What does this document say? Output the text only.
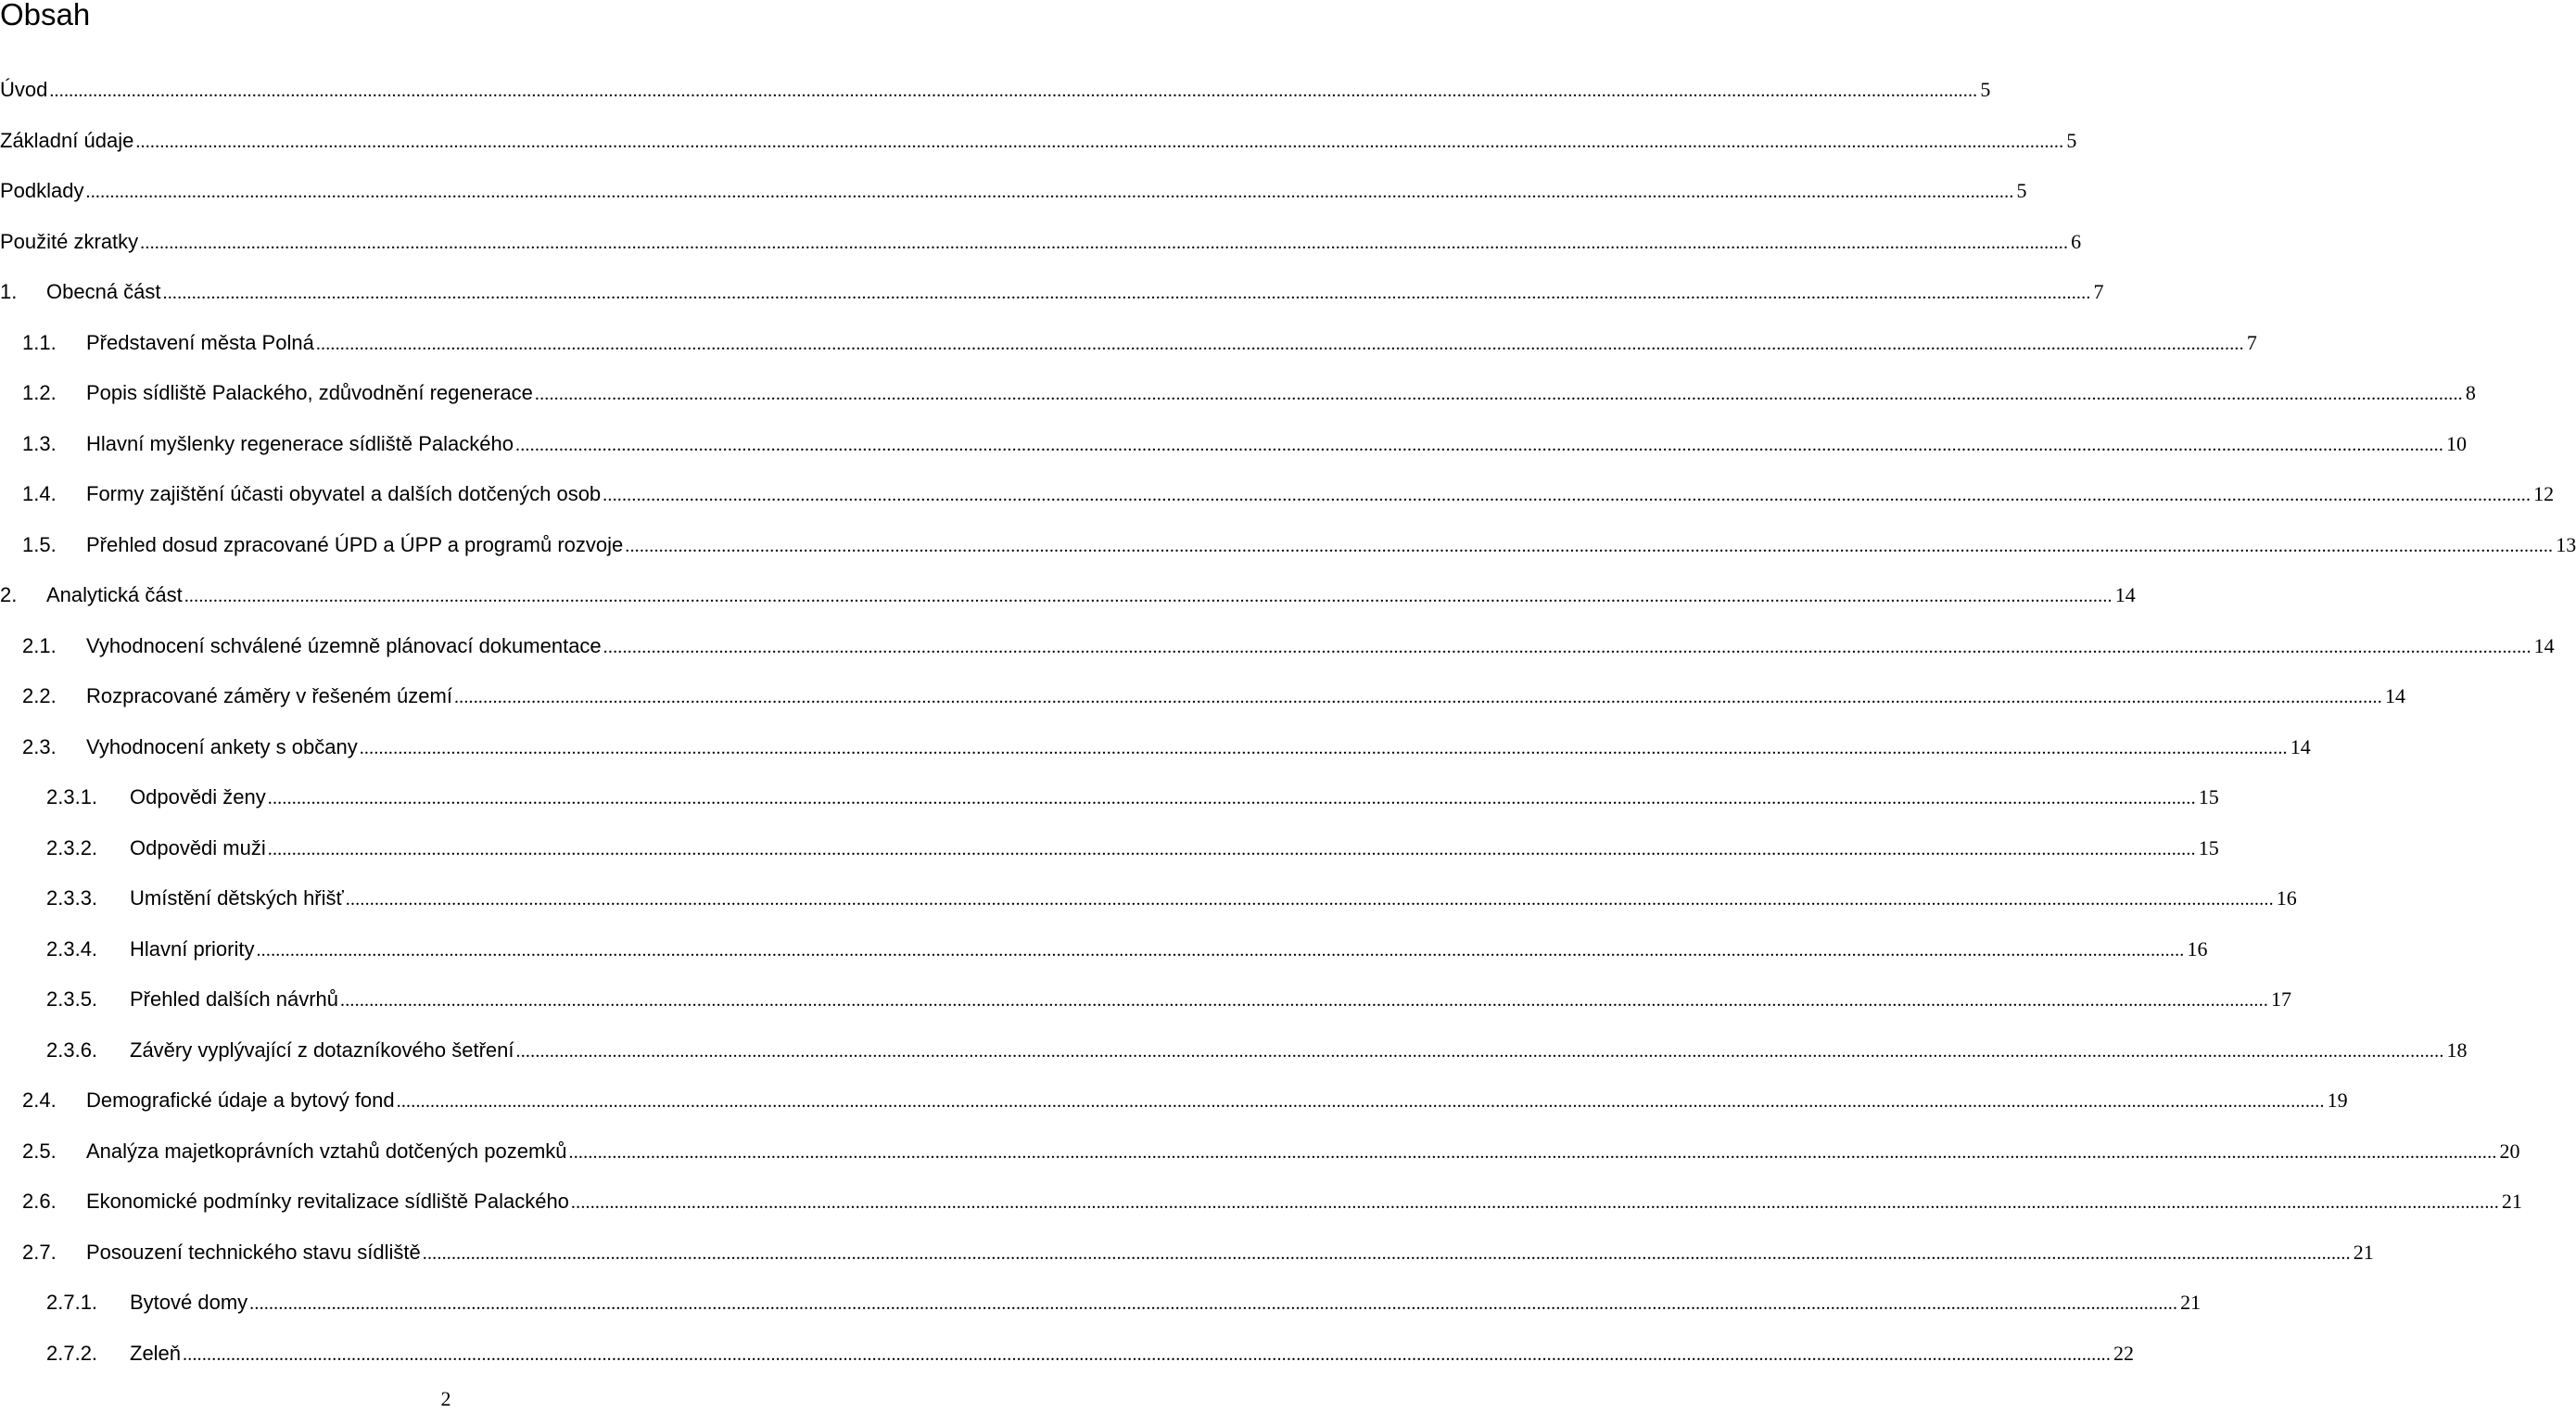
Obsah
Úvod ................................................................................................................................................................................................................................................................................................................................................................................................................ 5
Základní údaje ................................................................................................................................................................................................................................................................................................................................................................................................................ 5
Podklady ................................................................................................................................................................................................................................................................................................................................................................................................................ 5
Použité zkratky ................................................................................................................................................................................................................................................................................................................................................................................................................ 6
1. Obecná část ................................................................................................................................................................................................................................................................................................................................................................................................................ 7
1.1. Představení města Polná ................................................................................................................................................................................................................................................................................................................................................................................................................ 7
1.2. Popis sídliště Palackého, zdůvodnění regenerace ................................................................................................................................................................................................................................................................................................................................................................................................................ 8
1.3. Hlavní myšlenky regenerace sídliště Palackého ................................................................................................................................................................................................................................................................................................................................................................................................................ 10
1.4. Formy zajištění účasti obyvatel a dalších dotčených osob ................................................................................................................................................................................................................................................................................................................................................................................................................ 12
1.5. Přehled dosud zpracované ÚPD a ÚPP a programů rozvoje ................................................................................................................................................................................................................................................................................................................................................................................................................ 13
2. Analytická část ................................................................................................................................................................................................................................................................................................................................................................................................................ 14
2.1. Vyhodnocení schválené územně plánovací dokumentace ................................................................................................................................................................................................................................................................................................................................................................................................................ 14
2.2. Rozpracované záměry v řešeném území ................................................................................................................................................................................................................................................................................................................................................................................................................ 14
2.3. Vyhodnocení ankety s občany ................................................................................................................................................................................................................................................................................................................................................................................................................ 14
2.3.1. Odpovědi ženy ................................................................................................................................................................................................................................................................................................................................................................................................................ 15
2.3.2. Odpovědi muži ................................................................................................................................................................................................................................................................................................................................................................................................................ 15
2.3.3. Umístění dětských hřišť ................................................................................................................................................................................................................................................................................................................................................................................................................ 16
2.3.4. Hlavní priority ................................................................................................................................................................................................................................................................................................................................................................................................................ 16
2.3.5. Přehled dalších návrhů ................................................................................................................................................................................................................................................................................................................................................................................................................ 17
2.3.6. Závěry vyplývající z dotazníkového šetření ................................................................................................................................................................................................................................................................................................................................................................................................................ 18
2.4. Demografické údaje a bytový fond ................................................................................................................................................................................................................................................................................................................................................................................................................ 19
2.5. Analýza majetkoprávních vztahů dotčených pozemků ................................................................................................................................................................................................................................................................................................................................................................................................................ 20
2.6. Ekonomické podmínky revitalizace sídliště Palackého ................................................................................................................................................................................................................................................................................................................................................................................................................ 21
2.7. Posouzení technického stavu sídliště ................................................................................................................................................................................................................................................................................................................................................................................................................ 21
2.7.1. Bytové domy ................................................................................................................................................................................................................................................................................................................................................................................................................ 21
2.7.2. Zeleň ................................................................................................................................................................................................................................................................................................................................................................................................................ 22
2
